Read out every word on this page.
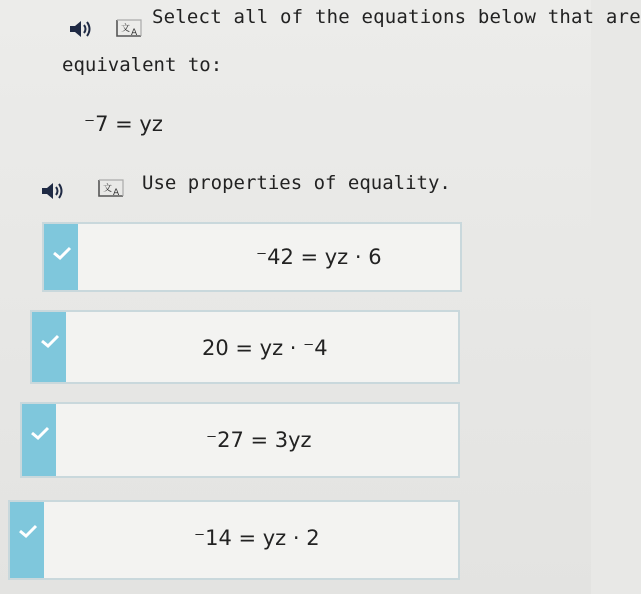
文 A
Select all of the equations below that are
equivalent to:
⁻7 = yz
文 A Use properties of equality.
⁻42 = yz · 6
20 = yz · ⁻4
⁻27 = 3yz
⁻14 = yz · 2
